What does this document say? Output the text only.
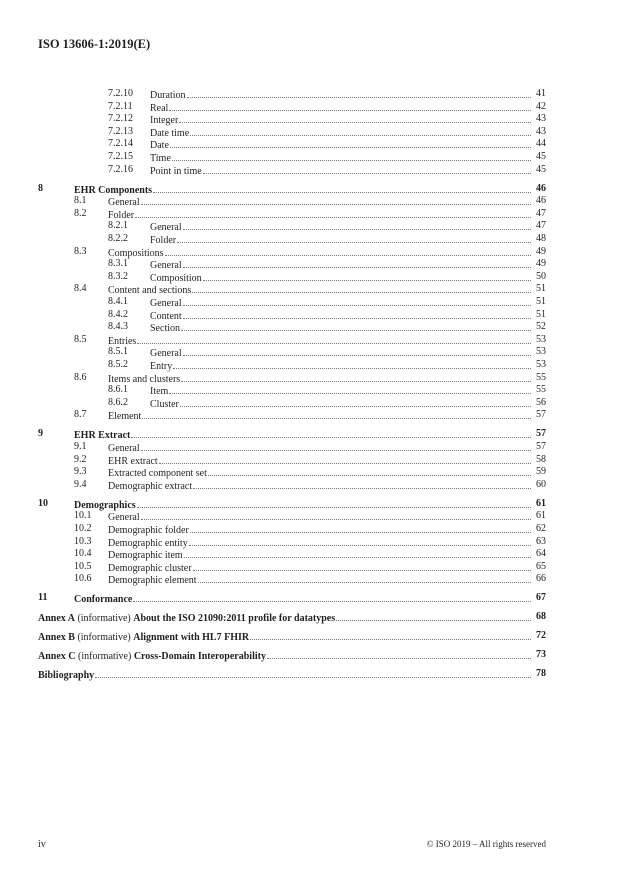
ISO 13606-1:2019(E)
7.2.10 Duration	41
7.2.11 Real	42
7.2.12 Integer	43
7.2.13 Date time	43
7.2.14 Date	44
7.2.15 Time	45
7.2.16 Point in time	45
8	EHR Components	46
8.1 General	46
8.2 Folder	47
8.2.1 General	47
8.2.2 Folder	48
8.3 Compositions	49
8.3.1 General	49
8.3.2 Composition	50
8.4 Content and sections	51
8.4.1 General	51
8.4.2 Content	51
8.4.3 Section	52
8.5 Entries	53
8.5.1 General	53
8.5.2 Entry	53
8.6 Items and clusters	55
8.6.1 Item	55
8.6.2 Cluster	56
8.7 Element	57
9	EHR Extract	57
9.1 General	57
9.2 EHR extract	58
9.3 Extracted component set	59
9.4 Demographic extract	60
10	Demographics	61
10.1 General	61
10.2 Demographic folder	62
10.3 Demographic entity	63
10.4 Demographic item	64
10.5 Demographic cluster	65
10.6 Demographic element	66
11	Conformance	67
Annex A (informative) About the ISO 21090:2011 profile for datatypes	68
Annex B (informative) Alignment with HL7 FHIR	72
Annex C (informative) Cross-Domain Interoperability	73
Bibliography	78
iv	© ISO 2019 – All rights reserved
